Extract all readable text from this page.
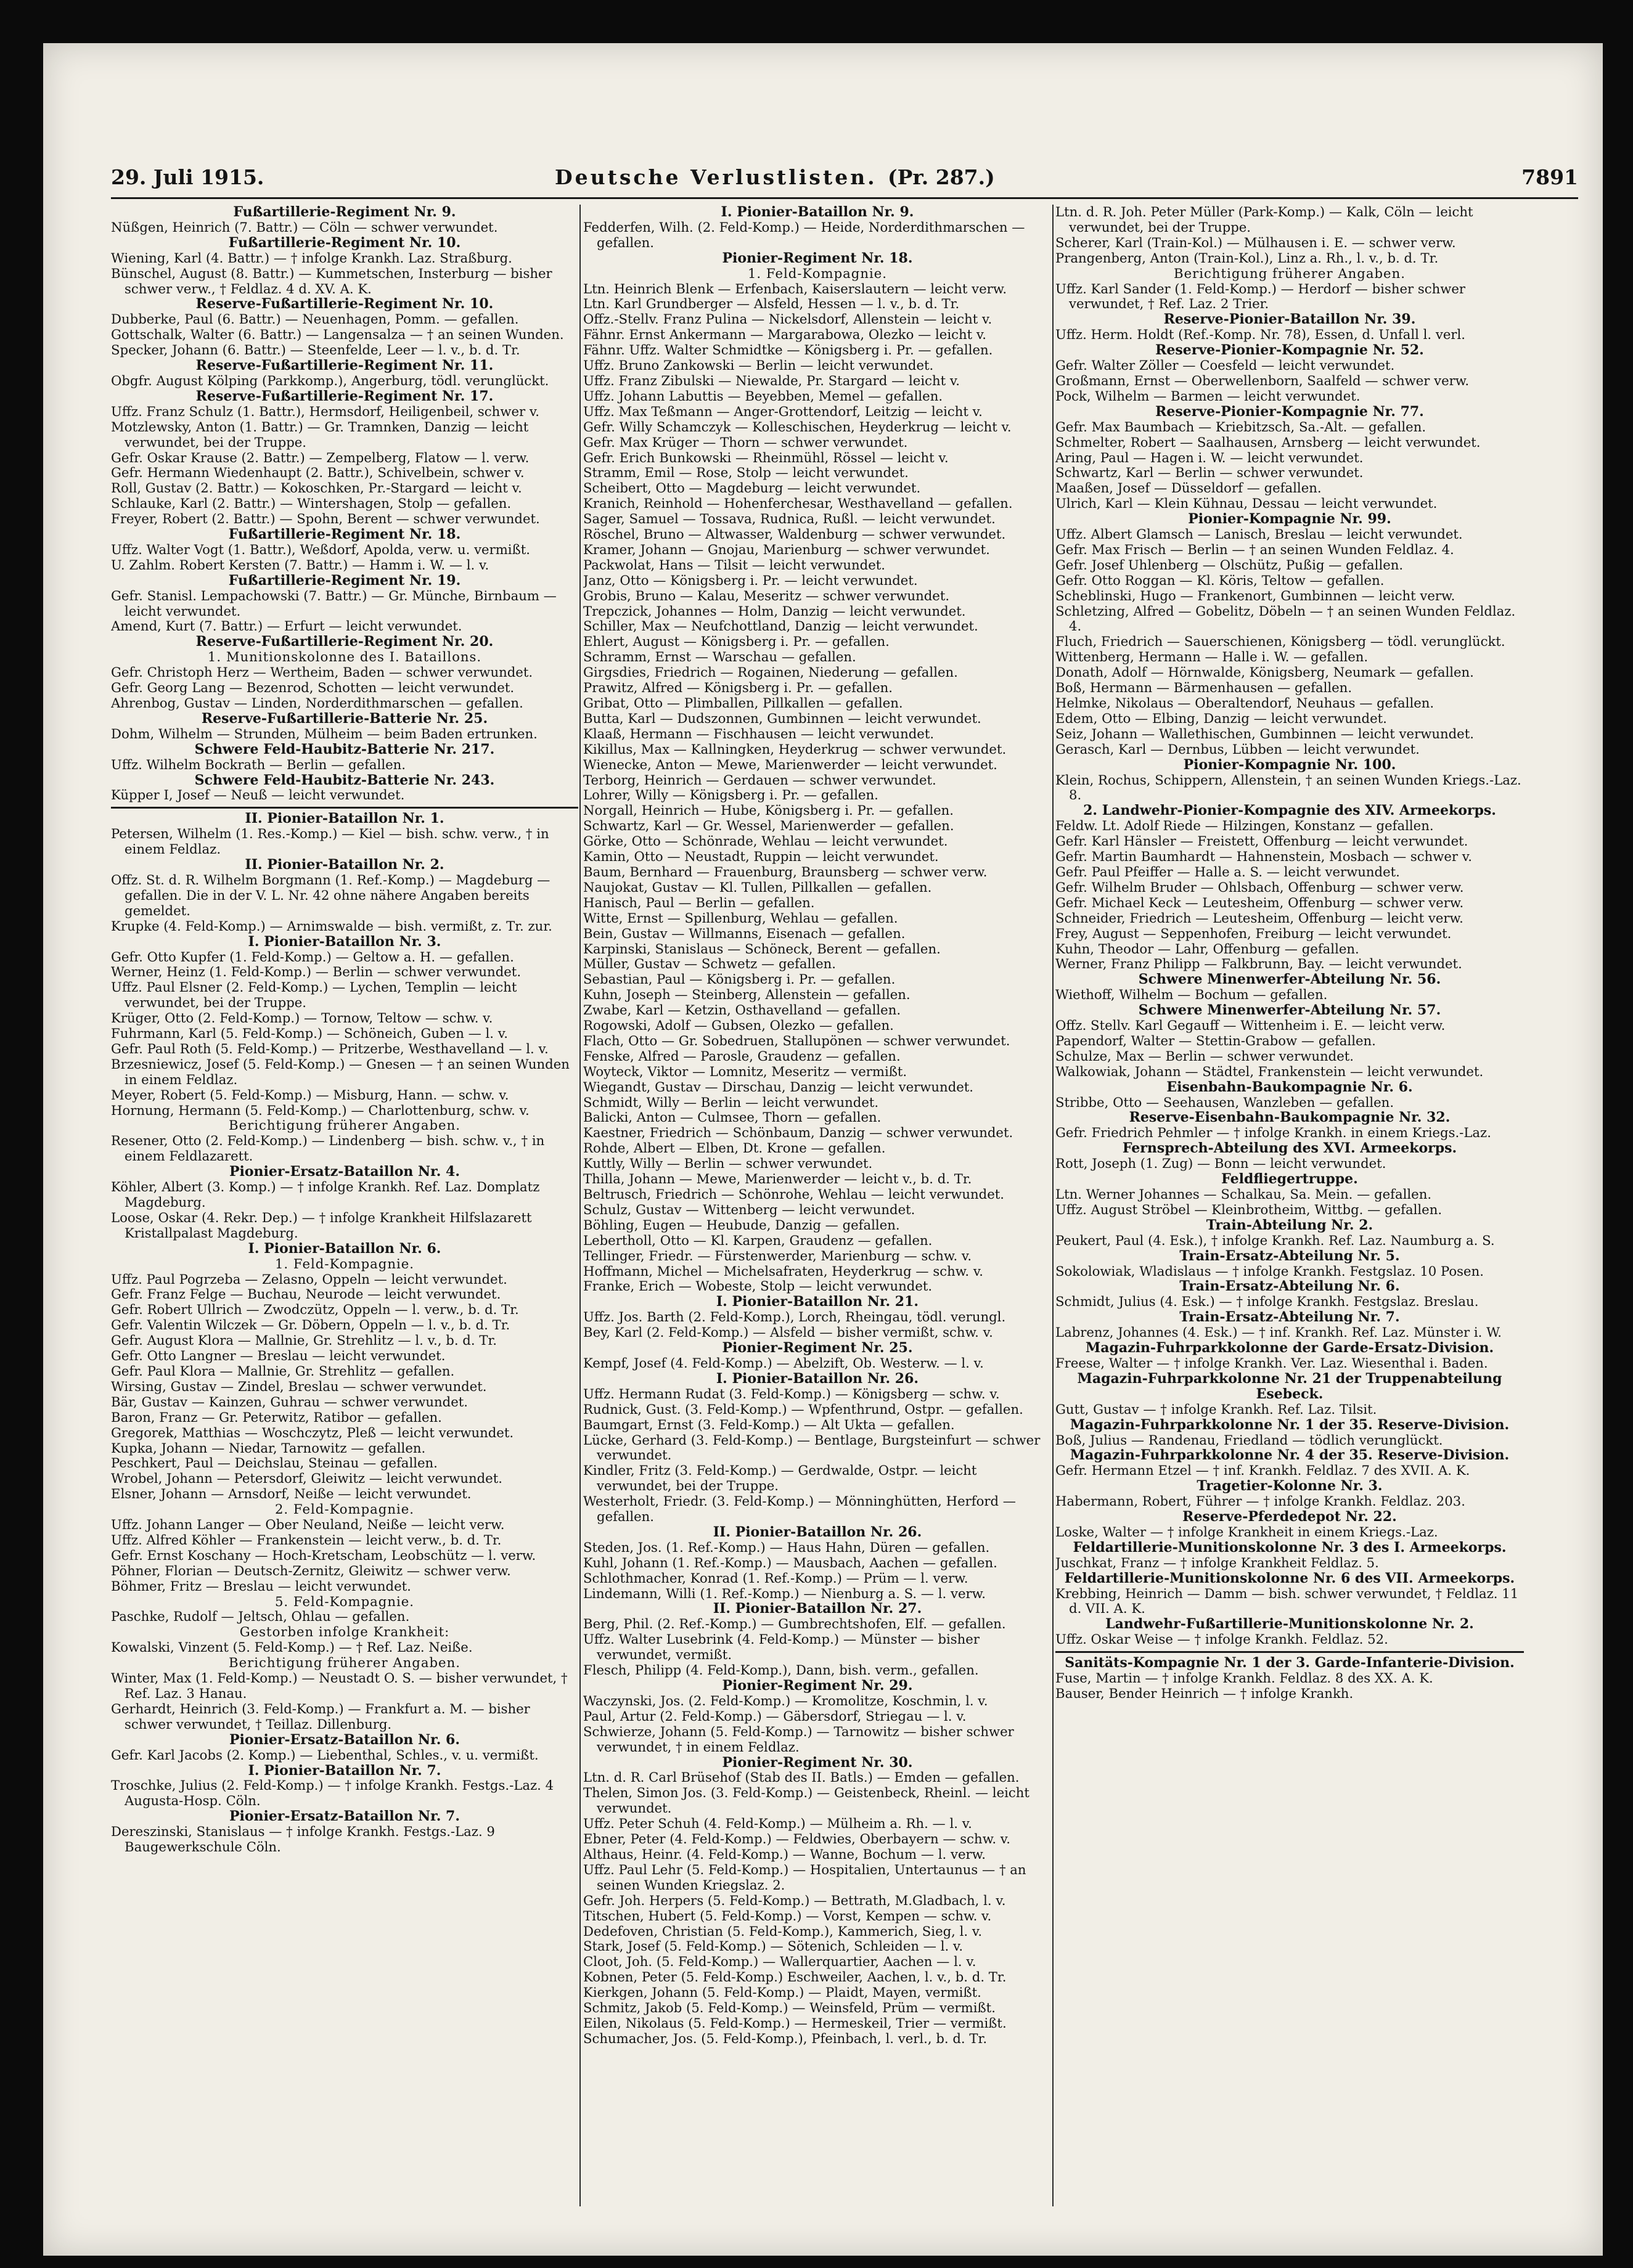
29. Juli 1915.	Deutsche Verlustlisten. (Pr. 287.)	7891
Fußartillerie-Regiment Nr. 9.
Nüßgen, Heinrich (7. Battr.) — Cöln — schwer verwundet.
Fußartillerie-Regiment Nr. 10.
Wiening, Karl (4. Battr.) — † infolge Krankh. Laz. Straßburg.
Bünschel, August (8. Battr.) — Kummetschen, Insterburg — bisher schwer verw., † Feldlaz. 4 d. XV. A. K.
Reserve-Fußartillerie-Regiment Nr. 10.
Dubberke, Paul (6. Battr.) — Neuenhagen, Pomm. — gefallen.
Gottschalk, Walter (6. Battr.) — Langensalza — † an seinen Wunden.
Specker, Johann (6. Battr.) — Steenfelde, Leer — l. v., b. d. Tr.
Reserve-Fußartillerie-Regiment Nr. 11.
Obgfr. August Kölping (Parkkomp.), Angerburg, tödl. verunglückt.
Reserve-Fußartillerie-Regiment Nr. 17.
Uffz. Franz Schulz (1. Battr.), Hermsdorf, Heiligenbeil, schwer v.
Motzlewsky, Anton (1. Battr.) — Gr. Tramnken, Danzig — leicht verwundet, bei der Truppe.
Gefr. Oskar Krause (2. Battr.) — Zempelberg, Flatow — l. verw.
Gefr. Hermann Wiedenhaupt (2. Battr.), Schivelbein, schwer v.
Roll, Gustav (2. Battr.) — Kokoschken, Pr.-Stargard — leicht v.
Schlauke, Karl (2. Battr.) — Wintershagen, Stolp — gefallen.
Freyer, Robert (2. Battr.) — Spohn, Berent — schwer verwundet.
Fußartillerie-Regiment Nr. 18.
Uffz. Walter Vogt (1. Battr.), Weßdorf, Apolda, verw. u. vermißt.
U. Zahlm. Robert Kersten (7. Battr.) — Hamm i. W. — l. v.
Fußartillerie-Regiment Nr. 19.
Gefr. Stanisl. Lempachowski (7. Battr.) — Gr. Münche, Birnbaum — leicht verwundet.
Amend, Kurt (7. Battr.) — Erfurt — leicht verwundet.
Reserve-Fußartillerie-Regiment Nr. 20.
1. Munitionskolonne des I. Bataillons.
Gefr. Christoph Herz — Wertheim, Baden — schwer verwundet.
Gefr. Georg Lang — Bezenrod, Schotten — leicht verwundet.
Ahrenbog, Gustav — Linden, Norderdithmarschen — gefallen.
Reserve-Fußartillerie-Batterie Nr. 25.
Dohm, Wilhelm — Strunden, Mülheim — beim Baden ertrunken.
Schwere Feld-Haubitz-Batterie Nr. 217.
Uffz. Wilhelm Bockrath — Berlin — gefallen.
Schwere Feld-Haubitz-Batterie Nr. 243.
Küpper I, Josef — Neuß — leicht verwundet.
II. Pionier-Bataillon Nr. 1.
Petersen, Wilhelm (1. Res.-Komp.) — Kiel — bish. schw. verw., † in einem Feldlaz.
II. Pionier-Bataillon Nr. 2.
Offz. St. d. R. Wilhelm Borgmann (1. Ref.-Komp.) — Magdeburg — gefallen. Die in der V. L. Nr. 42 ohne nähere Angaben bereits gemeldet.
Krupke (4. Feld-Komp.) — Arnimswalde — bish. vermißt, z. Tr. zur.
I. Pionier-Bataillon Nr. 3.
Gefr. Otto Kupfer (1. Feld-Komp.) — Geltow a. H. — gefallen.
Werner, Heinz (1. Feld-Komp.) — Berlin — schwer verwundet.
Uffz. Paul Elsner (2. Feld-Komp.) — Lychen, Templin — leicht verwundet, bei der Truppe.
Krüger, Otto (2. Feld-Komp.) — Tornow, Teltow — schw. v.
Fuhrmann, Karl (5. Feld-Komp.) — Schöneich, Guben — l. v.
Gefr. Paul Roth (5. Feld-Komp.) — Pritzerbe, Westhavelland — l. v.
Brzesniewicz, Josef (5. Feld-Komp.) — Gnesen — † an seinen Wunden in einem Feldlaz.
Meyer, Robert (5. Feld-Komp.) — Misburg, Hann. — schw. v.
Hornung, Hermann (5. Feld-Komp.) — Charlottenburg, schw. v.
Berichtigung früherer Angaben.
Resener, Otto (2. Feld-Komp.) — Lindenberg — bish. schw. v., † in einem Feldlazarett.
Pionier-Ersatz-Bataillon Nr. 4.
Köhler, Albert (3. Komp.) — † infolge Krankh. Ref. Laz. Domplatz Magdeburg.
Loose, Oskar (4. Rekr. Dep.) — † infolge Krankheit Hilfslazarett Kristallpalast Magdeburg.
I. Pionier-Bataillon Nr. 6.
1. Feld-Kompagnie.
Uffz. Paul Pogrzeba — Zelasno, Oppeln — leicht verwundet.
Gefr. Franz Felge — Buchau, Neurode — leicht verwundet.
Gefr. Robert Ullrich — Zwodczütz, Oppeln — l. verw., b. d. Tr.
Gefr. Valentin Wilczek — Gr. Döbern, Oppeln — l. v., b. d. Tr.
Gefr. August Klora — Mallnie, Gr. Strehlitz — l. v., b. d. Tr.
Gefr. Otto Langner — Breslau — leicht verwundet.
Gefr. Paul Klora — Mallnie, Gr. Strehlitz — gefallen.
Wirsing, Gustav — Zindel, Breslau — schwer verwundet.
Bär, Gustav — Kainzen, Guhrau — schwer verwundet.
Baron, Franz — Gr. Peterwitz, Ratibor — gefallen.
Gregorek, Matthias — Woschczytz, Pleß — leicht verwundet.
Kupka, Johann — Niedar, Tarnowitz — gefallen.
Peschkert, Paul — Deichslau, Steinau — gefallen.
Wrobel, Johann — Petersdorf, Gleiwitz — leicht verwundet.
Elsner, Johann — Arnsdorf, Neiße — leicht verwundet.
2. Feld-Kompagnie.
Uffz. Johann Langer — Ober Neuland, Neiße — leicht verw.
Uffz. Alfred Köhler — Frankenstein — leicht verw., b. d. Tr.
Gefr. Ernst Koschany — Hoch-Kretscham, Leobschütz — l. verw.
Pöhner, Florian — Deutsch-Zernitz, Gleiwitz — schwer verw.
Böhmer, Fritz — Breslau — leicht verwundet.
5. Feld-Kompagnie.
Paschke, Rudolf — Jeltsch, Ohlau — gefallen.
Gestorben infolge Krankheit:
Kowalski, Vinzent (5. Feld-Komp.) — † Ref. Laz. Neiße.
Berichtigung früherer Angaben.
Winter, Max (1. Feld-Komp.) — Neustadt O. S. — bisher verwundet, † Ref. Laz. 3 Hanau.
Gerhardt, Heinrich (3. Feld-Komp.) — Frankfurt a. M. — bisher schwer verwundet, † Teillaz. Dillenburg.
Pionier-Ersatz-Bataillon Nr. 6.
Gefr. Karl Jacobs (2. Komp.) — Liebenthal, Schles., v. u. vermißt.
I. Pionier-Bataillon Nr. 7.
Troschke, Julius (2. Feld-Komp.) — † infolge Krankh. Festgs.-Laz. 4 Augusta-Hosp. Cöln.
Pionier-Ersatz-Bataillon Nr. 7.
Dereszinski, Stanislaus — † infolge Krankh. Festgs.-Laz. 9 Baugewerkschule Cöln.
I. Pionier-Bataillon Nr. 9.
Fedderfen, Wilh. (2. Feld-Komp.) — Heide, Norderdithmarschen — gefallen.
Pionier-Regiment Nr. 18.
1. Feld-Kompagnie.
Ltn. Heinrich Blenk — Erfenbach, Kaiserslautern — leicht verw.
Ltn. Karl Grundberger — Alsfeld, Hessen — l. v., b. d. Tr.
Offz.-Stellv. Franz Pulina — Nickelsdorf, Allenstein — leicht v.
Fähnr. Ernst Ankermann — Margarabowa, Olezko — leicht v.
Fähnr. Uffz. Walter Schmidtke — Königsberg i. Pr. — gefallen.
Uffz. Bruno Zankowski — Berlin — leicht verwundet.
Uffz. Franz Zibulski — Niewalde, Pr. Stargard — leicht v.
Uffz. Johann Labuttis — Beyebben, Memel — gefallen.
Uffz. Max Teßmann — Anger-Grottendorf, Leitzig — leicht v.
Gefr. Willy Schamczyk — Kolleschischen, Heyderkrug — leicht v.
Gefr. Max Krüger — Thorn — schwer verwundet.
Gefr. Erich Bunkowski — Rheinmühl, Rössel — leicht v.
Stramm, Emil — Rose, Stolp — leicht verwundet.
Scheibert, Otto — Magdeburg — leicht verwundet.
Kranich, Reinhold — Hohenferchesar, Westhavelland — gefallen.
Sager, Samuel — Tossava, Rudnica, Rußl. — leicht verwundet.
Röschel, Bruno — Altwasser, Waldenburg — schwer verwundet.
Kramer, Johann — Gnojau, Marienburg — schwer verwundet.
Packwolat, Hans — Tilsit — leicht verwundet.
Janz, Otto — Königsberg i. Pr. — leicht verwundet.
Grobis, Bruno — Kalau, Meseritz — schwer verwundet.
Trepczick, Johannes — Holm, Danzig — leicht verwundet.
Schiller, Max — Neufchottland, Danzig — leicht verwundet.
Ehlert, August — Königsberg i. Pr. — gefallen.
Schramm, Ernst — Warschau — gefallen.
Girgsdies, Friedrich — Rogainen, Niederung — gefallen.
Prawitz, Alfred — Königsberg i. Pr. — gefallen.
Gribat, Otto — Plimballen, Pillkallen — gefallen.
Butta, Karl — Dudszonnen, Gumbinnen — leicht verwundet.
Klaaß, Hermann — Fischhausen — leicht verwundet.
Kikillus, Max — Kallningken, Heyderkrug — schwer verwundet.
Wienecke, Anton — Mewe, Marienwerder — leicht verwundet.
Terborg, Heinrich — Gerdauen — schwer verwundet.
Lohrer, Willy — Königsberg i. Pr. — gefallen.
Norgall, Heinrich — Hube, Königsberg i. Pr. — gefallen.
Schwartz, Karl — Gr. Wessel, Marienwerder — gefallen.
Görke, Otto — Schönrade, Wehlau — leicht verwundet.
Kamin, Otto — Neustadt, Ruppin — leicht verwundet.
Baum, Bernhard — Frauenburg, Braunsberg — schwer verw.
Naujokat, Gustav — Kl. Tullen, Pillkallen — gefallen.
Hanisch, Paul — Berlin — gefallen.
Witte, Ernst — Spillenburg, Wehlau — gefallen.
Bein, Gustav — Willmanns, Eisenach — gefallen.
Karpinski, Stanislaus — Schöneck, Berent — gefallen.
Müller, Gustav — Schwetz — gefallen.
Sebastian, Paul — Königsberg i. Pr. — gefallen.
Kuhn, Joseph — Steinberg, Allenstein — gefallen.
Zwabe, Karl — Ketzin, Osthavelland — gefallen.
Rogowski, Adolf — Gubsen, Olezko — gefallen.
Flach, Otto — Gr. Sobedruen, Stallupönen — schwer verwundet.
Fenske, Alfred — Parosle, Graudenz — gefallen.
Woyteck, Viktor — Lomnitz, Meseritz — vermißt.
Wiegandt, Gustav — Dirschau, Danzig — leicht verwundet.
Schmidt, Willy — Berlin — leicht verwundet.
Balicki, Anton — Culmsee, Thorn — gefallen.
Kaestner, Friedrich — Schönbaum, Danzig — schwer verwundet.
Rohde, Albert — Elben, Dt. Krone — gefallen.
Kuttly, Willy — Berlin — schwer verwundet.
Thilla, Johann — Mewe, Marienwerder — leicht v., b. d. Tr.
Beltrusch, Friedrich — Schönrohe, Wehlau — leicht verwundet.
Schulz, Gustav — Wittenberg — leicht verwundet.
Böhling, Eugen — Heubude, Danzig — gefallen.
Lebertholl, Otto — Kl. Karpen, Graudenz — gefallen.
Tellinger, Friedr. — Fürstenwerder, Marienburg — schw. v.
Hoffmann, Michel — Michelsafraten, Heyderkrug — schw. v.
Franke, Erich — Wobeste, Stolp — leicht verwundet.
I. Pionier-Bataillon Nr. 21.
Uffz. Jos. Barth (2. Feld-Komp.), Lorch, Rheingau, tödl. verungl.
Bey, Karl (2. Feld-Komp.) — Alsfeld — bisher vermißt, schw. v.
Pionier-Regiment Nr. 25.
Kempf, Josef (4. Feld-Komp.) — Abelzift, Ob. Westerw. — l. v.
I. Pionier-Bataillon Nr. 26.
Uffz. Hermann Rudat (3. Feld-Komp.) — Königsberg — schw. v.
Rudnick, Gust. (3. Feld-Komp.) — Wpfenthrund, Ostpr. — gefallen.
Baumgart, Ernst (3. Feld-Komp.) — Alt Ukta — gefallen.
Lücke, Gerhard (3. Feld-Komp.) — Bentlage, Burgsteinfurt — schwer verwundet.
Kindler, Fritz (3. Feld-Komp.) — Gerdwalde, Ostpr. — leicht verwundet, bei der Truppe.
Westerholt, Friedr. (3. Feld-Komp.) — Mönninghütten, Herford — gefallen.
II. Pionier-Bataillon Nr. 26.
Steden, Jos. (1. Ref.-Komp.) — Haus Hahn, Düren — gefallen.
Kuhl, Johann (1. Ref.-Komp.) — Mausbach, Aachen — gefallen.
Schlothmacher, Konrad (1. Ref.-Komp.) — Prüm — l. verw.
Lindemann, Willi (1. Ref.-Komp.) — Nienburg a. S. — l. verw.
II. Pionier-Bataillon Nr. 27.
Berg, Phil. (2. Ref.-Komp.) — Gumbrechtshofen, Elf. — gefallen.
Uffz. Walter Lusebrink (4. Feld-Komp.) — Münster — bisher verwundet, vermißt.
Flesch, Philipp (4. Feld-Komp.), Dann, bish. verm., gefallen.
Pionier-Regiment Nr. 29.
Waczynski, Jos. (2. Feld-Komp.) — Kromolitze, Koschmin, l. v.
Paul, Artur (2. Feld-Komp.) — Gäbersdorf, Striegau — l. v.
Schwierze, Johann (5. Feld-Komp.) — Tarnowitz — bisher schwer verwundet, † in einem Feldlaz.
Pionier-Regiment Nr. 30.
Ltn. d. R. Carl Brüsehof (Stab des II. Batls.) — Emden — gefallen.
Thelen, Simon Jos. (3. Feld-Komp.) — Geistenbeck, Rheinl. — leicht verwundet.
Uffz. Peter Schuh (4. Feld-Komp.) — Mülheim a. Rh. — l. v.
Ebner, Peter (4. Feld-Komp.) — Feldwies, Oberbayern — schw. v.
Althaus, Heinr. (4. Feld-Komp.) — Wanne, Bochum — l. verw.
Uffz. Paul Lehr (5. Feld-Komp.) — Hospitalien, Untertaunus — † an seinen Wunden Kriegslaz. 2.
Gefr. Joh. Herpers (5. Feld-Komp.) — Bettrath, M.Gladbach, l. v.
Titschen, Hubert (5. Feld-Komp.) — Vorst, Kempen — schw. v.
Dedefoven, Christian (5. Feld-Komp.), Kammerich, Sieg, l. v.
Stark, Josef (5. Feld-Komp.) — Sötenich, Schleiden — l. v.
Cloot, Joh. (5. Feld-Komp.) — Wallerquartier, Aachen — l. v.
Kobnen, Peter (5. Feld-Komp.) Eschweiler, Aachen, l. v., b. d. Tr.
Kierkgen, Johann (5. Feld-Komp.) — Plaidt, Mayen, vermißt.
Schmitz, Jakob (5. Feld-Komp.) — Weinsfeld, Prüm — vermißt.
Eilen, Nikolaus (5. Feld-Komp.) — Hermeskeil, Trier — vermißt.
Schumacher, Jos. (5. Feld-Komp.), Pfeinbach, l. verl., b. d. Tr.
Ltn. d. R. Joh. Peter Müller (Park-Komp.) — Kalk, Cöln — leicht verwundet, bei der Truppe.
Scherer, Karl (Train-Kol.) — Mülhausen i. E. — schwer verw.
Prangenberg, Anton (Train-Kol.), Linz a. Rh., l. v., b. d. Tr.
Berichtigung früherer Angaben.
Uffz. Karl Sander (1. Feld-Komp.) — Herdorf — bisher schwer verwundet, † Ref. Laz. 2 Trier.
Reserve-Pionier-Bataillon Nr. 39.
Uffz. Herm. Holdt (Ref.-Komp. Nr. 78), Essen, d. Unfall l. verl.
Reserve-Pionier-Kompagnie Nr. 52.
Gefr. Walter Zöller — Coesfeld — leicht verwundet.
Großmann, Ernst — Oberwellenborn, Saalfeld — schwer verw.
Pock, Wilhelm — Barmen — leicht verwundet.
Reserve-Pionier-Kompagnie Nr. 77.
Gefr. Max Baumbach — Kriebitzsch, Sa.-Alt. — gefallen.
Schmelter, Robert — Saalhausen, Arnsberg — leicht verwundet.
Aring, Paul — Hagen i. W. — leicht verwundet.
Schwartz, Karl — Berlin — schwer verwundet.
Maaßen, Josef — Düsseldorf — gefallen.
Ulrich, Karl — Klein Kühnau, Dessau — leicht verwundet.
Pionier-Kompagnie Nr. 99.
Uffz. Albert Glamsch — Lanisch, Breslau — leicht verwundet.
Gefr. Max Frisch — Berlin — † an seinen Wunden Feldlaz. 4.
Gefr. Josef Uhlenberg — Olschütz, Pußig — gefallen.
Gefr. Otto Roggan — Kl. Köris, Teltow — gefallen.
Scheblinski, Hugo — Frankenort, Gumbinnen — leicht verw.
Schletzing, Alfred — Gobelitz, Döbeln — † an seinen Wunden Feldlaz. 4.
Fluch, Friedrich — Sauerschienen, Königsberg — tödl. verunglückt.
Wittenberg, Hermann — Halle i. W. — gefallen.
Donath, Adolf — Hörnwalde, Königsberg, Neumark — gefallen.
Boß, Hermann — Bärmenhausen — gefallen.
Helmke, Nikolaus — Oberaltendorf, Neuhaus — gefallen.
Edem, Otto — Elbing, Danzig — leicht verwundet.
Seiz, Johann — Wallethischen, Gumbinnen — leicht verwundet.
Gerasch, Karl — Dernbus, Lübben — leicht verwundet.
Pionier-Kompagnie Nr. 100.
Klein, Rochus, Schippern, Allenstein, † an seinen Wunden Kriegs.-Laz. 8.
2. Landwehr-Pionier-Kompagnie des XIV. Armeekorps.
Feldw. Lt. Adolf Riede — Hilzingen, Konstanz — gefallen.
Gefr. Karl Hänsler — Freistett, Offenburg — leicht verwundet.
Gefr. Martin Baumhardt — Hahnenstein, Mosbach — schwer v.
Gefr. Paul Pfeiffer — Halle a. S. — leicht verwundet.
Gefr. Wilhelm Bruder — Ohlsbach, Offenburg — schwer verw.
Gefr. Michael Keck — Leutesheim, Offenburg — schwer verw.
Schneider, Friedrich — Leutesheim, Offenburg — leicht verw.
Frey, August — Seppenhofen, Freiburg — leicht verwundet.
Kuhn, Theodor — Lahr, Offenburg — gefallen.
Werner, Franz Philipp — Falkbrunn, Bay. — leicht verwundet.
Schwere Minenwerfer-Abteilung Nr. 56.
Wiethoff, Wilhelm — Bochum — gefallen.
Schwere Minenwerfer-Abteilung Nr. 57.
Offz. Stellv. Karl Gegauff — Wittenheim i. E. — leicht verw.
Papendorf, Walter — Stettin-Grabow — gefallen.
Schulze, Max — Berlin — schwer verwundet.
Walkowiak, Johann — Städtel, Frankenstein — leicht verwundet.
Eisenbahn-Baukompagnie Nr. 6.
Stribbe, Otto — Seehausen, Wanzleben — gefallen.
Reserve-Eisenbahn-Baukompagnie Nr. 32.
Gefr. Friedrich Pehmler — † infolge Krankh. in einem Kriegs.-Laz.
Fernsprech-Abteilung des XVI. Armeekorps.
Rott, Joseph (1. Zug) — Bonn — leicht verwundet.
Feldfliegertruppe.
Ltn. Werner Johannes — Schalkau, Sa. Mein. — gefallen.
Uffz. August Ströbel — Kleinbrotheim, Wittbg. — gefallen.
Train-Abteilung Nr. 2.
Peukert, Paul (4. Esk.), † infolge Krankh. Ref. Laz. Naumburg a. S.
Train-Ersatz-Abteilung Nr. 5.
Sokolowiak, Wladislaus — † infolge Krankh. Festgslaz. 10 Posen.
Train-Ersatz-Abteilung Nr. 6.
Schmidt, Julius (4. Esk.) — † infolge Krankh. Festgslaz. Breslau.
Train-Ersatz-Abteilung Nr. 7.
Labrenz, Johannes (4. Esk.) — † inf. Krankh. Ref. Laz. Münster i. W.
Magazin-Fuhrparkkolonne der Garde-Ersatz-Division.
Freese, Walter — † infolge Krankh. Ver. Laz. Wiesenthal i. Baden.
Magazin-Fuhrparkkolonne Nr. 21 der Truppenabteilung Esebeck.
Gutt, Gustav — † infolge Krankh. Ref. Laz. Tilsit.
Magazin-Fuhrparkkolonne Nr. 1 der 35. Reserve-Division.
Boß, Julius — Randenau, Friedland — tödlich verunglückt.
Magazin-Fuhrparkkolonne Nr. 4 der 35. Reserve-Division.
Gefr. Hermann Etzel — † inf. Krankh. Feldlaz. 7 des XVII. A. K.
Tragetier-Kolonne Nr. 3.
Habermann, Robert, Führer — † infolge Krankh. Feldlaz. 203.
Reserve-Pferdedepot Nr. 22.
Loske, Walter — † infolge Krankheit in einem Kriegs.-Laz.
Feldartillerie-Munitionskolonne Nr. 3 des I. Armeekorps.
Juschkat, Franz — † infolge Krankheit Feldlaz. 5.
Feldartillerie-Munitionskolonne Nr. 6 des VII. Armeekorps.
Krebbing, Heinrich — Damm — bish. schwer verwundet, † Feldlaz. 11 d. VII. A. K.
Landwehr-Fußartillerie-Munitionskolonne Nr. 2.
Uffz. Oskar Weise — † infolge Krankh. Feldlaz. 52.
Sanitäts-Kompagnie Nr. 1 der 3. Garde-Infanterie-Division.
Fuse, Martin — † infolge Krankh. Feldlaz. 8 des XX. A. K.
Bauser, Bender Heinrich — † infolge Krankh.
